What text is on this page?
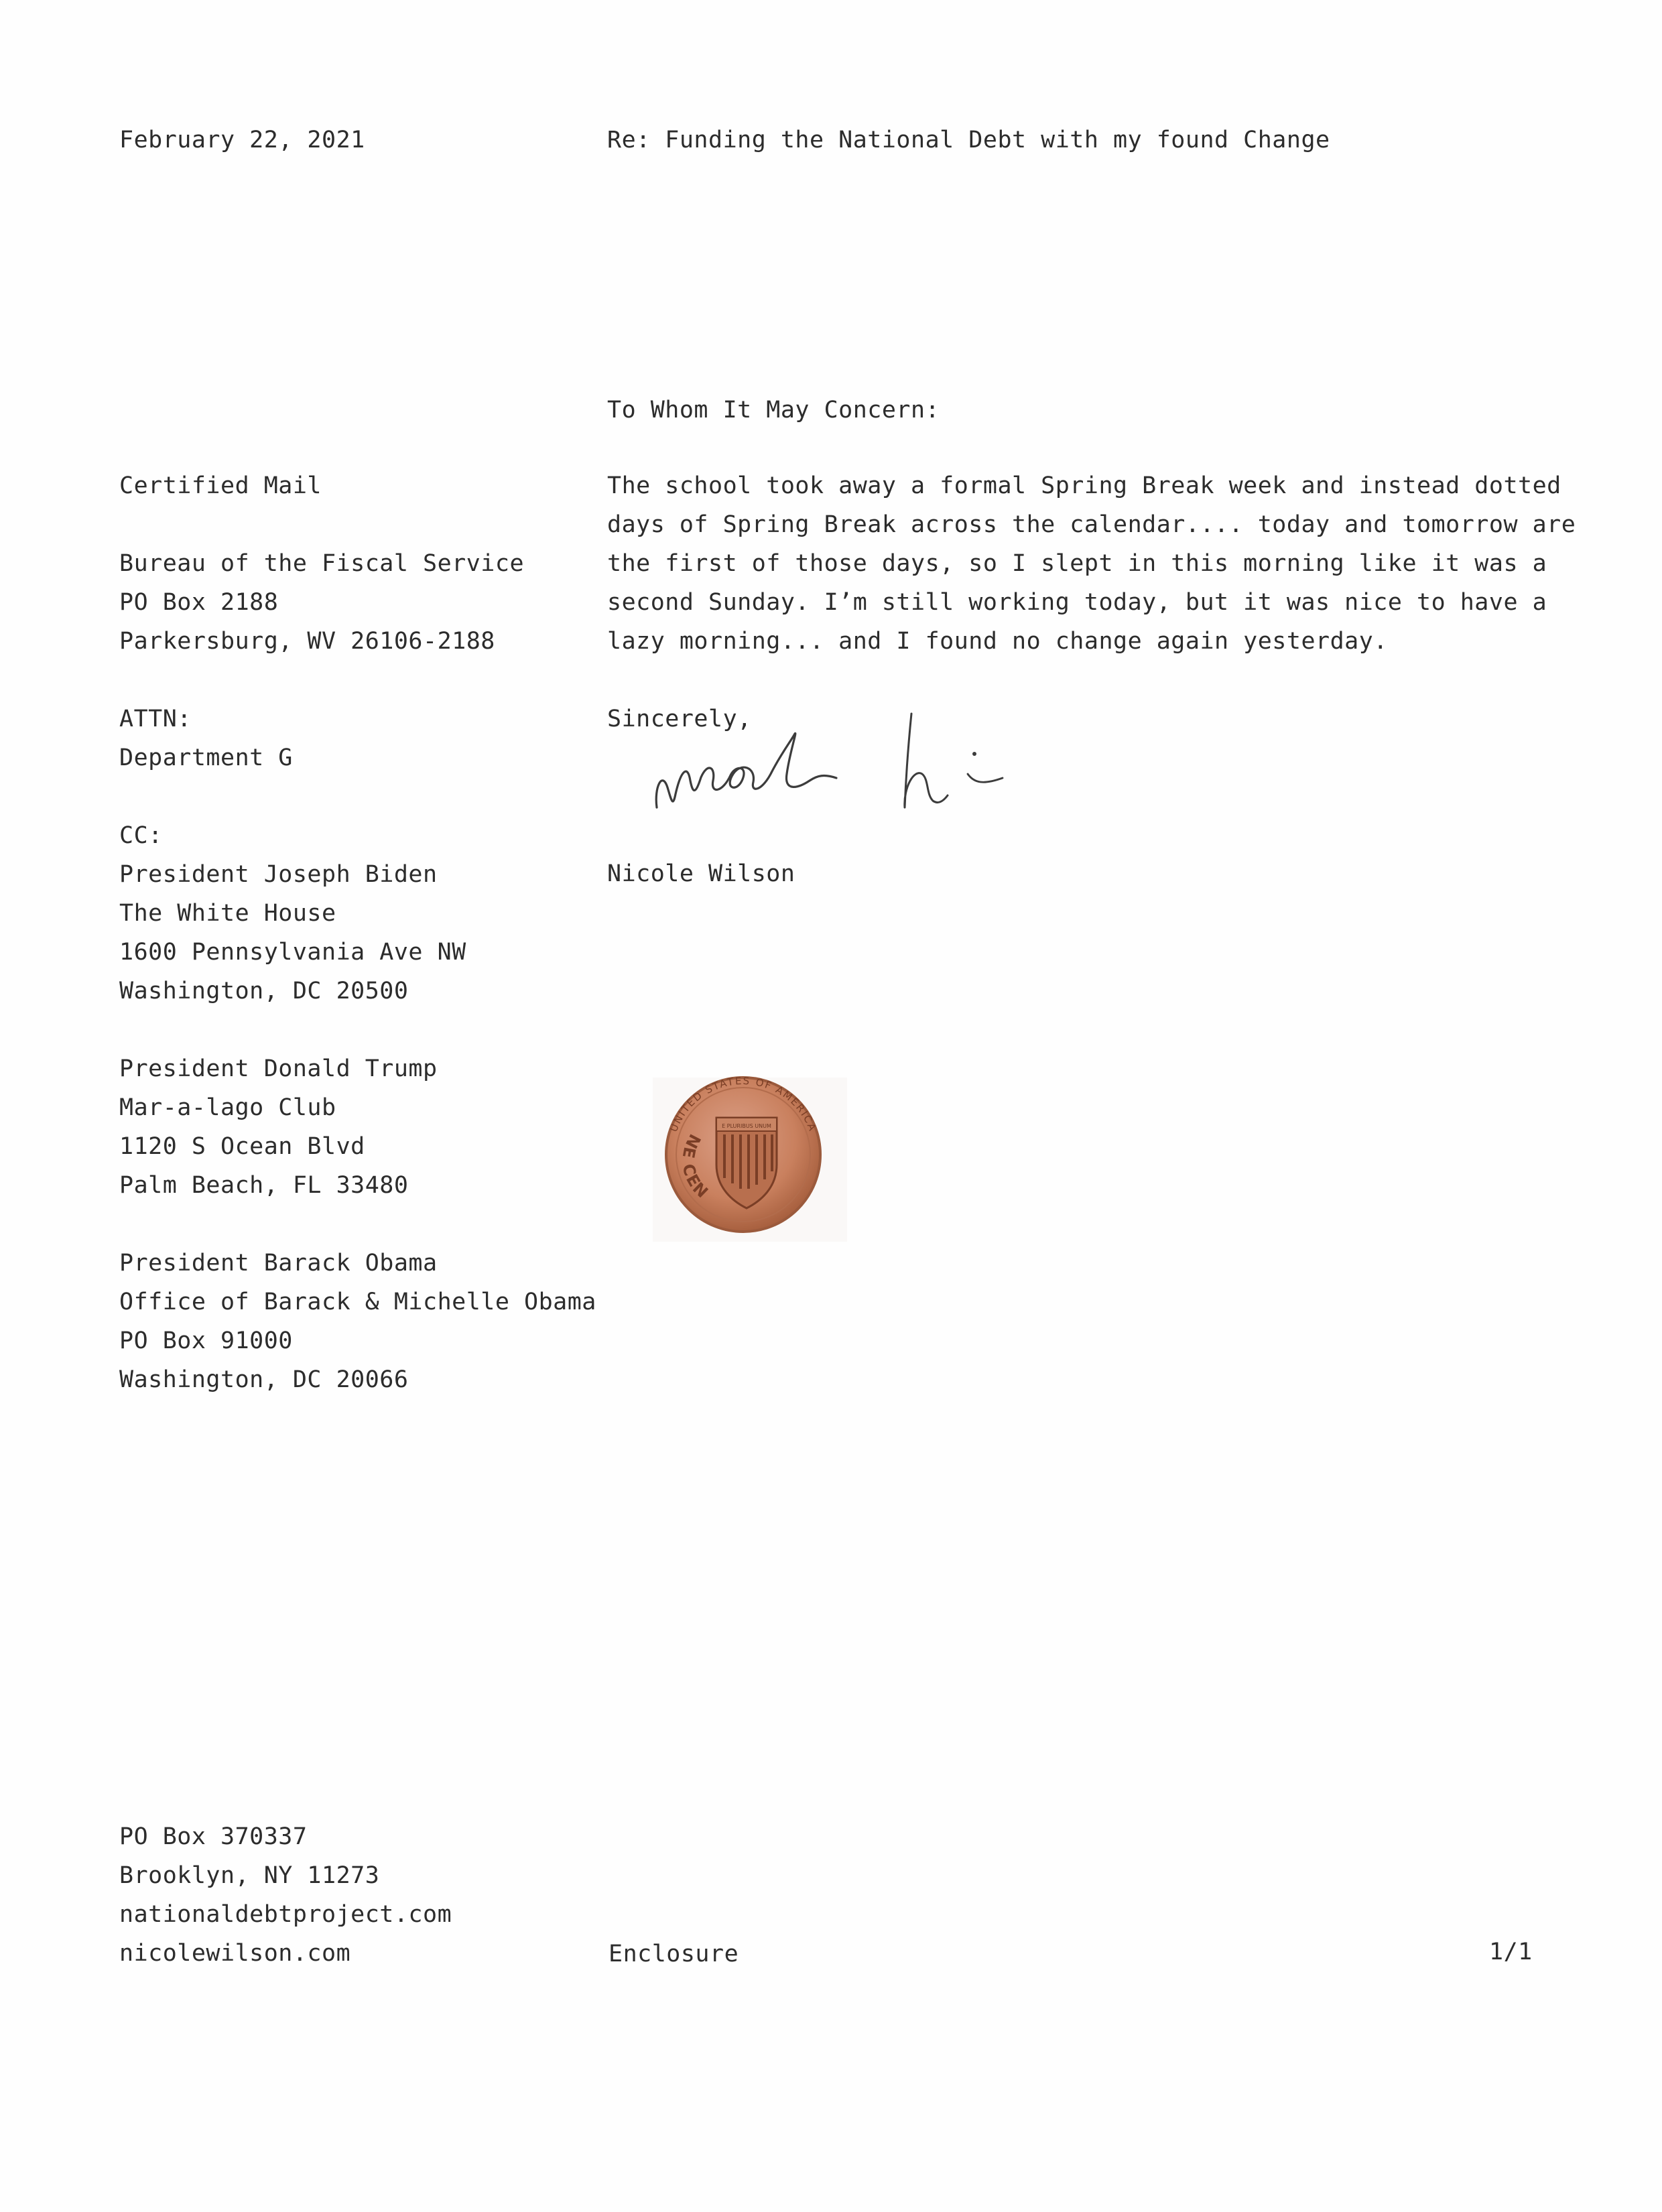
February 22, 2021	Re: Funding the National Debt with my found Change
To Whom It May Concern:
Certified Mail
Bureau of the Fiscal Service
PO Box 2188
Parkersburg, WV 26106-2188
ATTN:
Department G
CC:
President Joseph Biden
The White House
1600 Pennsylvania Ave NW
Washington, DC 20500
President Donald Trump
Mar-a-lago Club
1120 S Ocean Blvd
Palm Beach, FL 33480
President Barack Obama
Office of Barack & Michelle Obama
PO Box 91000
Washington, DC 20066
The school took away a formal Spring Break week and instead dotted
days of Spring Break across the calendar.... today and tomorrow are
the first of those days, so I slept in this morning like it was a
second Sunday. I’m still working today, but it was nice to have a
lazy morning... and I found no change again yesterday.
Sincerely,
Nicole Wilson
UNITED STATES OF AMERICA
E PLURIBUS UNUM
NE CEN
PO Box 370337
Brooklyn, NY 11273
nationaldebtproject.com
nicolewilson.com	Enclosure	1/1
